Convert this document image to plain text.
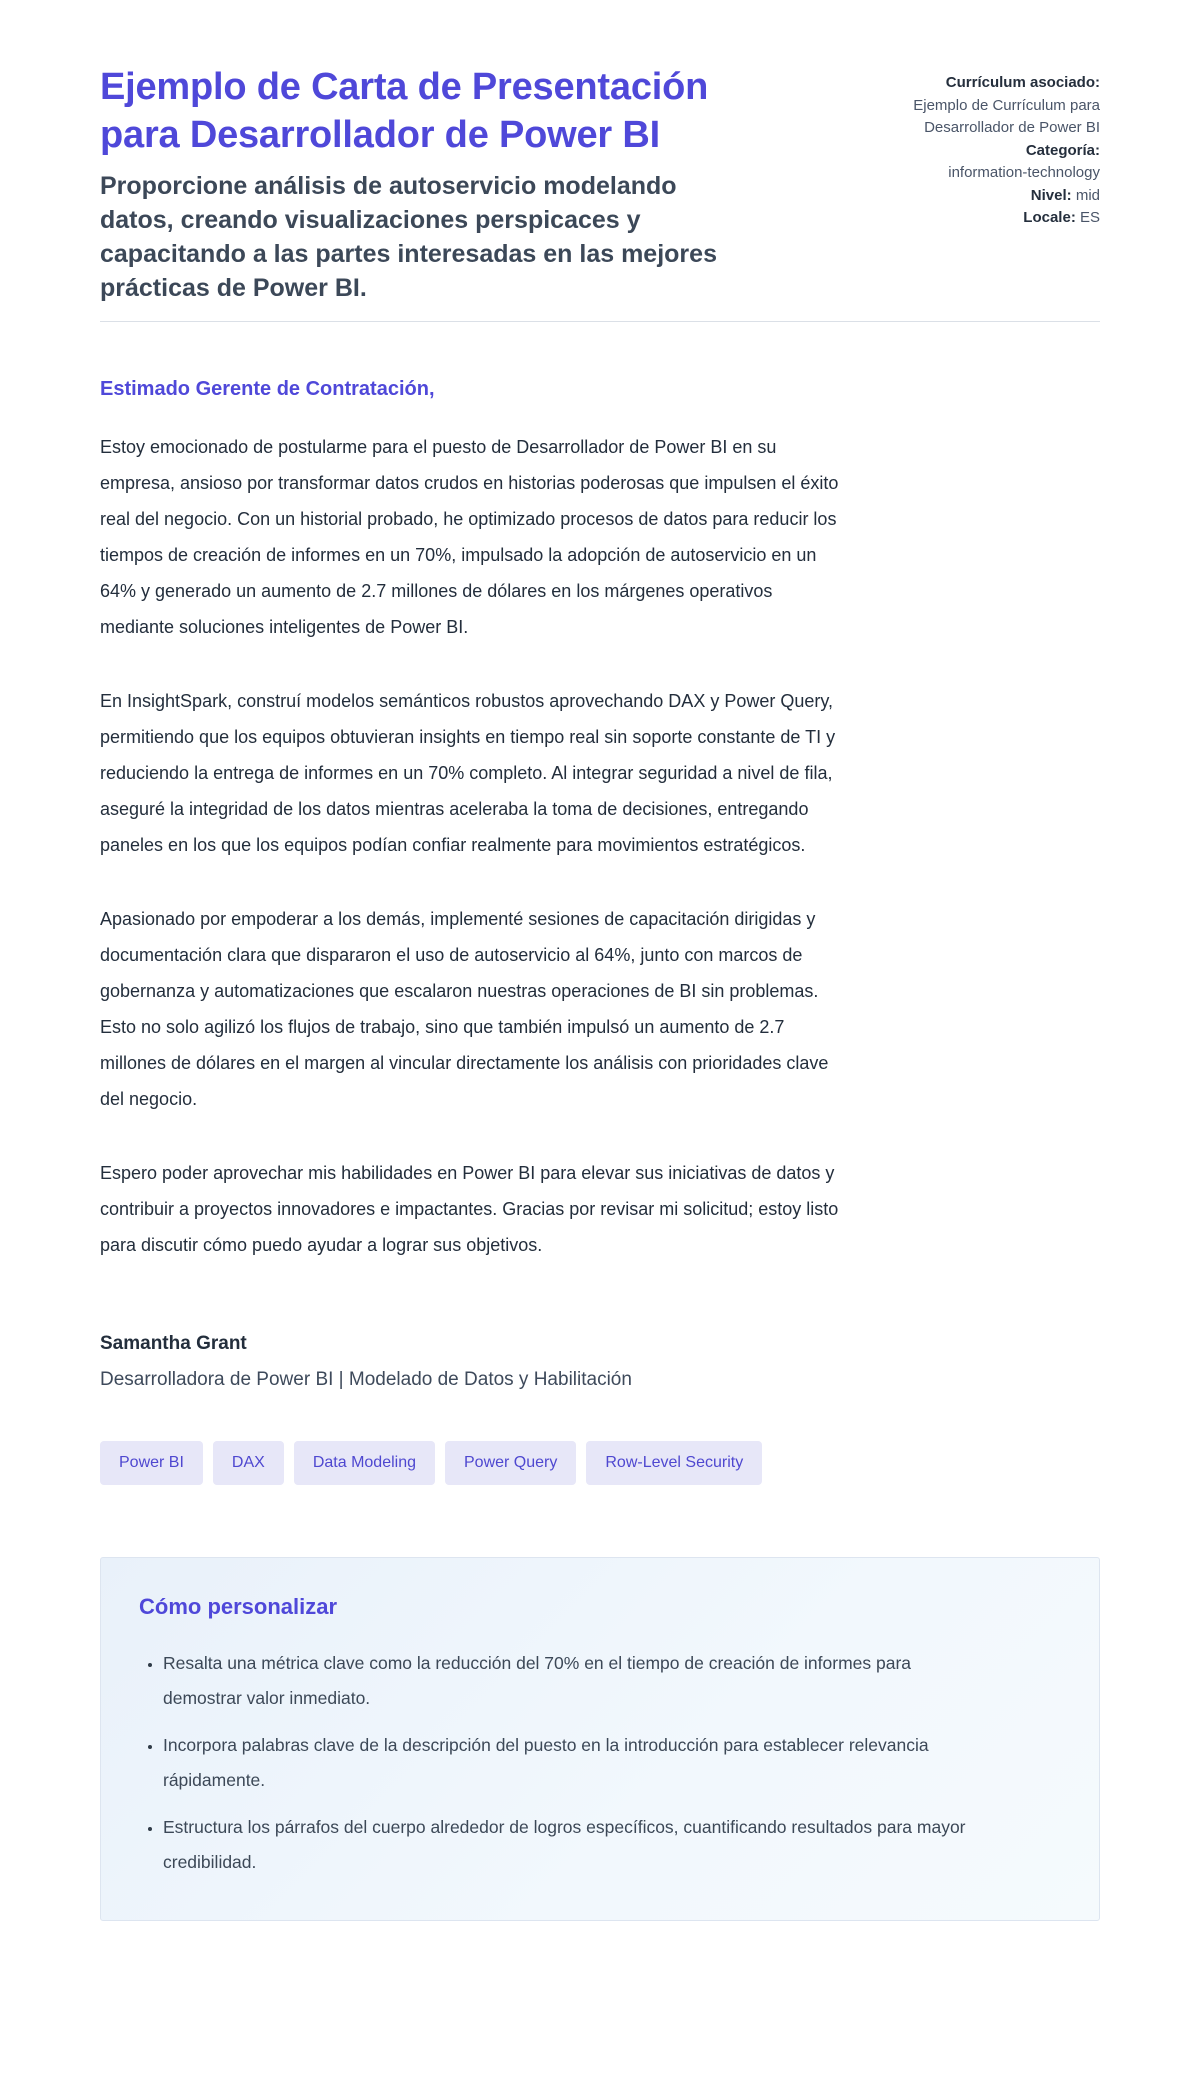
Ejemplo de Carta de Presentación para Desarrollador de Power BI

Proporcione análisis de autoservicio modelando datos, creando visualizaciones perspicaces y capacitando a las partes interesadas en las mejores prácticas de Power BI.

Currículum asociado:
Ejemplo de Currículum para Desarrollador de Power BI
Categoría:
information-technology
Nivel: mid
Locale: ES

Estimado Gerente de Contratación,

Estoy emocionado de postularme para el puesto de Desarrollador de Power BI en su empresa, ansioso por transformar datos crudos en historias poderosas que impulsen el éxito real del negocio. Con un historial probado, he optimizado procesos de datos para reducir los tiempos de creación de informes en un 70%, impulsado la adopción de autoservicio en un 64% y generado un aumento de 2.7 millones de dólares en los márgenes operativos mediante soluciones inteligentes de Power BI.

En InsightSpark, construí modelos semánticos robustos aprovechando DAX y Power Query, permitiendo que los equipos obtuvieran insights en tiempo real sin soporte constante de TI y reduciendo la entrega de informes en un 70% completo. Al integrar seguridad a nivel de fila, aseguré la integridad de los datos mientras aceleraba la toma de decisiones, entregando paneles en los que los equipos podían confiar realmente para movimientos estratégicos.

Apasionado por empoderar a los demás, implementé sesiones de capacitación dirigidas y documentación clara que dispararon el uso de autoservicio al 64%, junto con marcos de gobernanza y automatizaciones que escalaron nuestras operaciones de BI sin problemas. Esto no solo agilizó los flujos de trabajo, sino que también impulsó un aumento de 2.7 millones de dólares en el margen al vincular directamente los análisis con prioridades clave del negocio.

Espero poder aprovechar mis habilidades en Power BI para elevar sus iniciativas de datos y contribuir a proyectos innovadores e impactantes. Gracias por revisar mi solicitud; estoy listo para discutir cómo puedo ayudar a lograr sus objetivos.

Samantha Grant

Desarrolladora de Power BI | Modelado de Datos y Habilitación

Power BI	DAX	Data Modeling	Power Query	Row-Level Security
Cómo personalizar
• Resalta una métrica clave como la reducción del 70% en el tiempo de creación de informes para demostrar valor inmediato.
• Incorpora palabras clave de la descripción del puesto en la introducción para establecer relevancia rápidamente.
• Estructura los párrafos del cuerpo alrededor de logros específicos, cuantificando resultados para mayor credibilidad.
